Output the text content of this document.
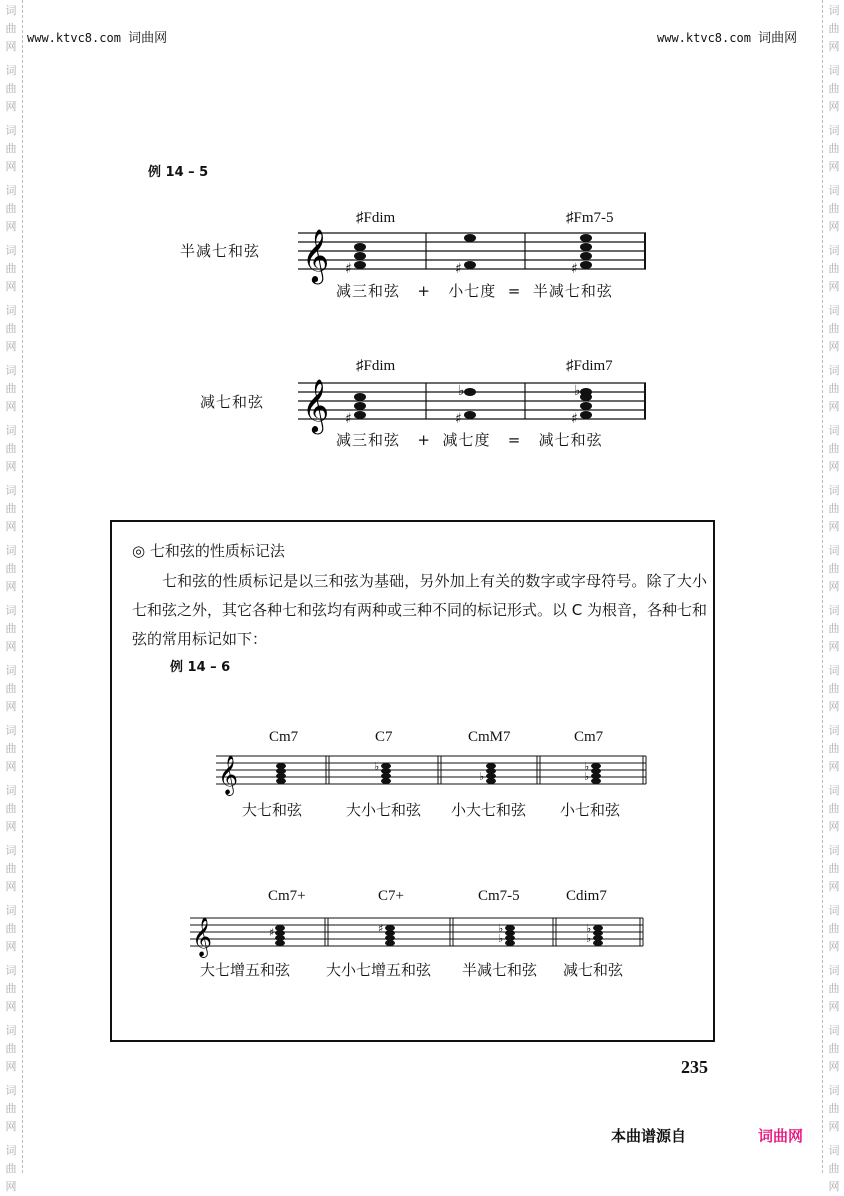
词
曲
网
词
曲
网
词
曲
网
词
曲
网
词
曲
网
词
曲
网
词
曲
网
词
曲
网
词
曲
网
词
曲
网
词
曲
网
词
曲
网
词
曲
网
词
曲
网
词
曲
网
词
曲
网
词
曲
网
词
曲
网
词
曲
网
词
曲
网
词
曲
网
词
曲
网
词
曲
网
词
曲
网
词
曲
网
词
曲
网
词
曲
网
词
曲
网
词
曲
网
词
曲
网
词
曲
网
词
曲
网
词
曲
网
词
曲
网
词
曲
网
词
曲
网
词
曲
网
词
曲
网
词
曲
网
词
曲
网
www.ktvc8.com 词曲网	www.ktvc8.com 词曲网
例 14 – 5
半减七和弦
♯Fdim	♯Fm7-5
𝄞 ♯	♯	♯
减三和弦 + 小七度 = 半减七和弦
减七和弦
♯Fdim	♯Fdim7
𝄞 ♯	♯	♯
♭	♭
减三和弦 + 减七度 = 减七和弦
◎ 七和弦的性质标记法
七和弦的性质标记是以三和弦为基础，另外加上有关的数字或字母符号。除了大小七和弦之外，其它各种七和弦均有两种或三种不同的标记形式。以 C 为根音，各种七和弦的常用标记如下：
例 14 – 6
Cm7	C7	CmM7	Cm7
𝄞	♭
♭	♭
♭
大七和弦	大小七和弦 小大七和弦 小七和弦
Cm7+	C7+	Cm7-5	Cdim7
𝄞	♯	♯
♭
♭
♭
♭
大七增五和弦 大小七增五和弦 半减七和弦 减七和弦
235
本曲谱源自	词曲网
